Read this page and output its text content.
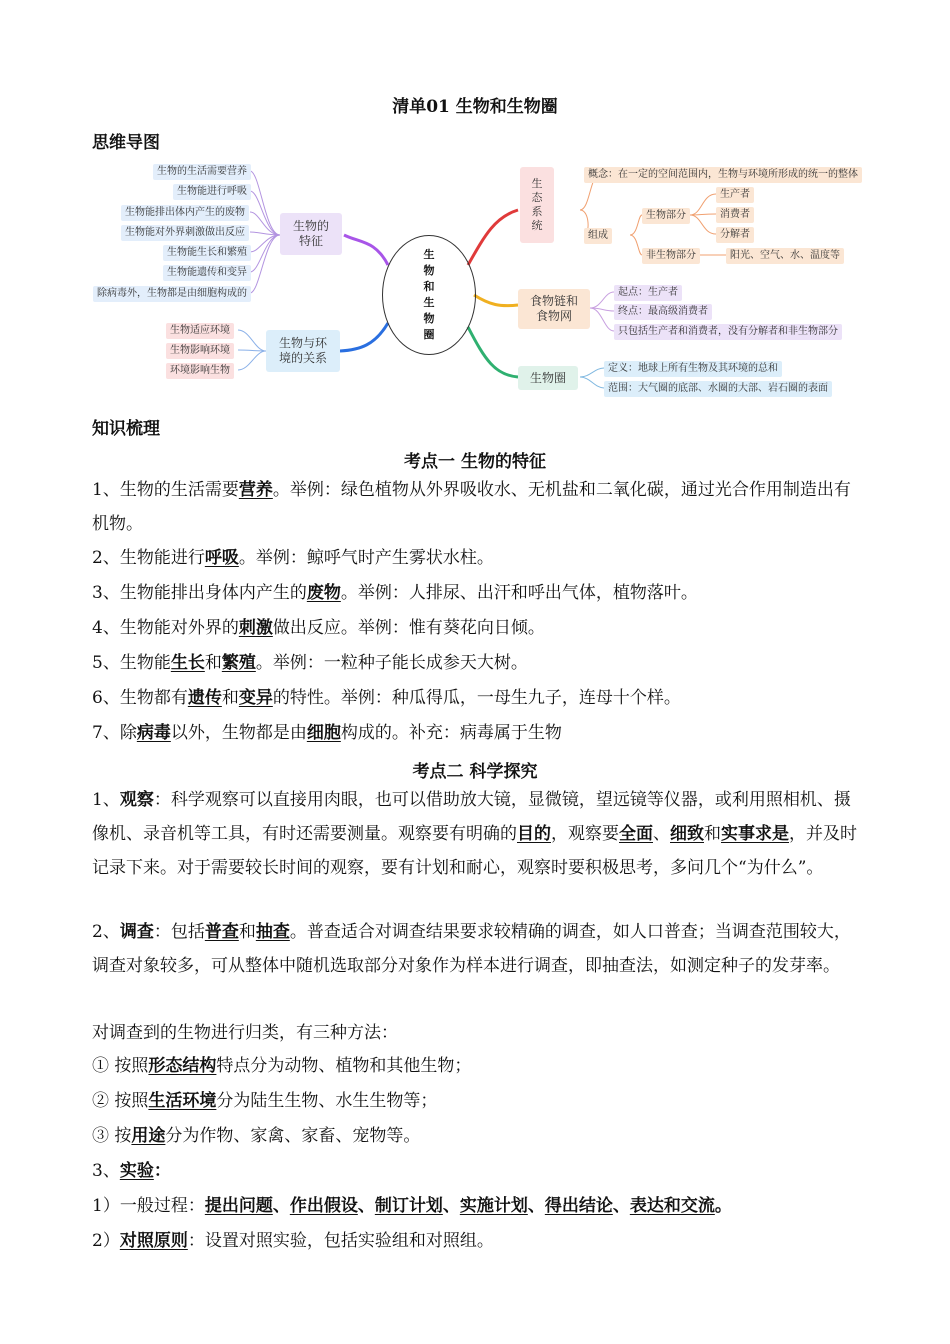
清单01 生物和生物圈
思维导图
生物的生活需要营养
生物能进行呼吸
生物能排出体内产生的废物
生物能对外界刺激做出反应
生物能生长和繁殖
生物能遗传和变异
除病毒外，生物都是由细胞构成的
生物的
特征
生物适应环境
生物影响环境
环境影响生物
生物与环
境的关系
生
物
和
生
物
圈
生
态
系
统
概念：在一定的空间范围内，生物与环境所形成的统一的整体
组成
生物部分
生产者
消费者
分解者
非生物部分	阳光、空气、水、温度等
食物链和
食物网
起点：生产者
终点：最高级消费者
只包括生产者和消费者，没有分解者和非生物部分
生物圈
定义：地球上所有生物及其环境的总和
范围：大气圈的底部、水圈的大部、岩石圈的表面
知识梳理
考点一 生物的特征

1、生物的生活需要营养。举例：绿色植物从外界吸收水、无机盐和二氧化碳，通过光合作用制造出有机物。

2、生物能进行呼吸。举例：鲸呼气时产生雾状水柱。
3、生物能排出身体内产生的废物。举例：人排尿、出汗和呼出气体，植物落叶。
4、生物能对外界的刺激做出反应。举例：惟有葵花向日倾。
5、生物能生长和繁殖。举例：一粒种子能长成参天大树。
6、生物都有遗传和变异的特性。举例：种瓜得瓜，一母生九子，连母十个样。
7、除病毒以外，生物都是由细胞构成的。补充：病毒属于生物
考点二 科学探究

1、观察：科学观察可以直接用肉眼，也可以借助放大镜，显微镜，望远镜等仪器，或利用照相机、摄像机、录音机等工具，有时还需要测量。观察要有明确的目的，观察要全面、细致和实事求是，并及时记录下来。对于需要较长时间的观察，要有计划和耐心，观察时要积极思考，多问几个“为什么”。

2、调查：包括普查和抽查。普查适合对调查结果要求较精确的调查，如人口普查；当调查范围较大，调查对象较多，可从整体中随机选取部分对象作为样本进行调查，即抽查法，如测定种子的发芽率。

对调查到的生物进行归类，有三种方法：
① 按照形态结构特点分为动物、植物和其他生物；
② 按照生活环境分为陆生生物、水生生物等；
③ 按用途分为作物、家禽、家畜、宠物等。
3、实验：
1）一般过程：提出问题、作出假设、制订计划、实施计划、得出结论、表达和交流。
2）对照原则：设置对照实验，包括实验组和对照组。
